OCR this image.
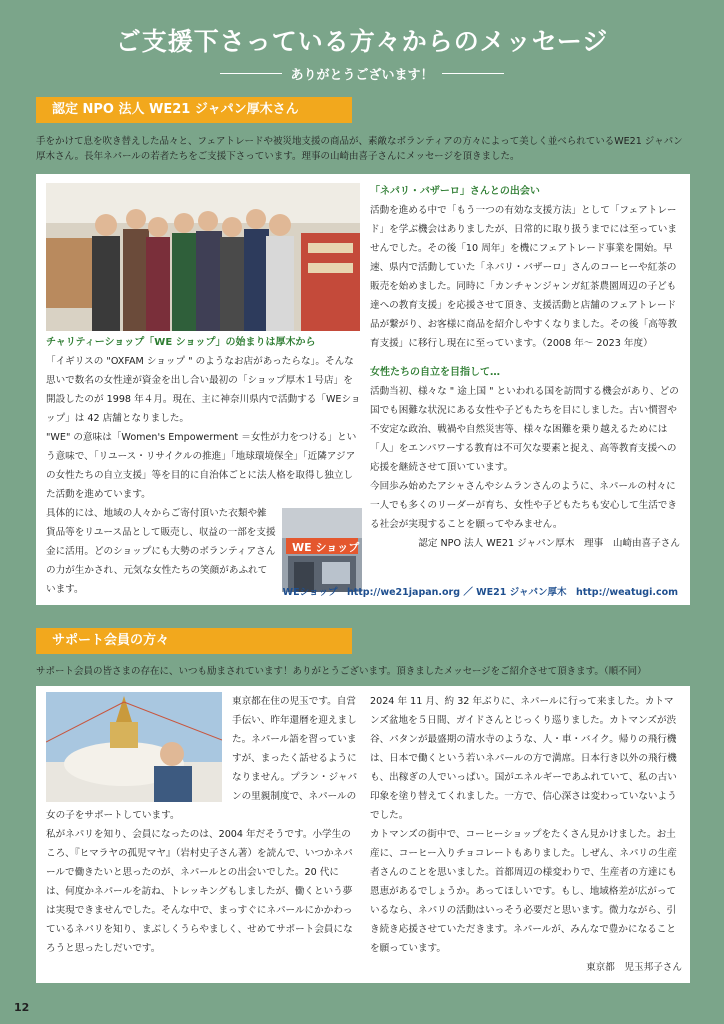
ご支援下さっている方々からのメッセージ
ありがとうございます！
認定 NPO 法人 WE21 ジャパン厚木さん
手をかけて息を吹き替えした品々と、フェアトレードや被災地支援の商品が、素敵なボランティアの方々によって美しく並べられているWE21 ジャパン厚木さん。長年ネパールの若者たちをご支援下さっています。理事の山崎由喜子さんにメッセージを頂きました。

チャリティーショップ「WE ショップ」の始まりは厚木から

「イギリスの "OXFAM ショップ " のようなお店があったらな」。そんな思いで数名の女性達が資金を出し合い最初の「ショップ厚木１号店」を開設したのが 1998 年４月。現在、主に神奈川県内で活動する「WEショップ」は 42 店舗となりました。

"WE" の意味は「Women's Empowerment ＝女性が力をつける」という意味で、「リユース・リサイクルの推進」「地球環境保全」「近隣アジアの女性たちの自立支援」等を目的に自治体ごとに法人格を取得し独立した活動を進めています。

WE ショップ

具体的には、地域の人々からご寄付頂いた衣類や雑貨品等をリユース品として販売し、収益の一部を支援金に活用。どのショップにも大勢のボランティアさんの力が生かされ、元気な女性たちの笑顔があふれています。

「ネパリ・バザーロ」さんとの出会い

活動を進める中で「もう一つの有効な支援方法」として「フェアトレード」を学ぶ機会はありましたが、日常的に取り扱うまでには至っていませんでした。その後「10 周年」を機にフェアトレード事業を開始。早速、県内で活動していた「ネパリ・バザーロ」さんのコーヒーや紅茶の販売を始めました。同時に「カンチャンジャンガ紅茶農園周辺の子ども達への教育支援」を応援させて頂き、支援活動と店舗のフェアトレード品が繋がり、お客様に商品を紹介しやすくなりました。その後「高等教育支援」に移行し現在に至っています。（2008 年〜 2023 年度）

女性たちの自立を目指して…

活動当初、様々な " 途上国 " といわれる国を訪問する機会があり、どの国でも困難な状況にある女性や子どもたちを目にしました。古い慣習や不安定な政治、戦禍や自然災害等、様々な困難を乗り越えるためには「人」をエンパワーする教育は不可欠な要素と捉え、高等教育支援への応援を継続させて頂いています。

今回歩み始めたアシャさんやシムランさんのように、ネパールの村々に一人でも多くのリーダーが育ち、女性や子どもたちも安心して生活できる社会が実現することを願ってやみません。

認定 NPO 法人 WE21 ジャパン厚木　理事　山崎由喜子さん

WEショップ　http://we21japan.org ／ WE21 ジャパン厚木　http://weatugi.com
サポート会員の方々
サポート会員の皆さまの存在に、いつも励まされています！ありがとうございます。頂きましたメッセージをご紹介させて頂きます。（順不同）

東京都在住の児玉です。自営手伝い、昨年還暦を迎えました。ネパール語を習っていますが、まったく話せるようになりません。プラン・ジャパンの里親制度で、ネパールの女の子をサポートしています。

私がネパリを知り、会員になったのは、2004 年だそうです。小学生のころ、『ヒマラヤの孤児マヤ』（岩村史子さん著）を読んで、いつかネパールで働きたいと思ったのが、ネパールとの出会いでした。20 代には、何度かネパールを訪ね、トレッキングもしましたが、働くという夢は実現できませんでした。そんな中で、まっすぐにネパールにかかわっているネパリを知り、まぶしくうらやましく、せめてサポート会員になろうと思ったしだいです。

2024 年 11 月、約 32 年ぶりに、ネパールに行って来ました。カトマンズ盆地を５日間、ガイドさんとじっくり巡りました。カトマンズが渋谷、パタンが最盛期の清水寺のような、人・車・バイク。帰りの飛行機は、日本で働くという若いネパールの方で満席。日本行き以外の飛行機も、出稼ぎの人でいっぱい。国がエネルギーであふれていて、私の古い印象を塗り替えてくれました。一方で、信心深さは変わっていないようでした。

カトマンズの街中で、コーヒーショップをたくさん見かけました。お土産に、コーヒー入りチョコレートもありました。しぜん、ネパリの生産者さんのことを思いました。首都周辺の様変わりで、生産者の方達にも恩恵があるでしょうか。あってほしいです。もし、地域格差が広がっているなら、ネパリの活動はいっそう必要だと思います。微力ながら、引き続き応援させていただきます。ネパールが、みんなで豊かになることを願っています。

東京都　児玉邦子さん

12
